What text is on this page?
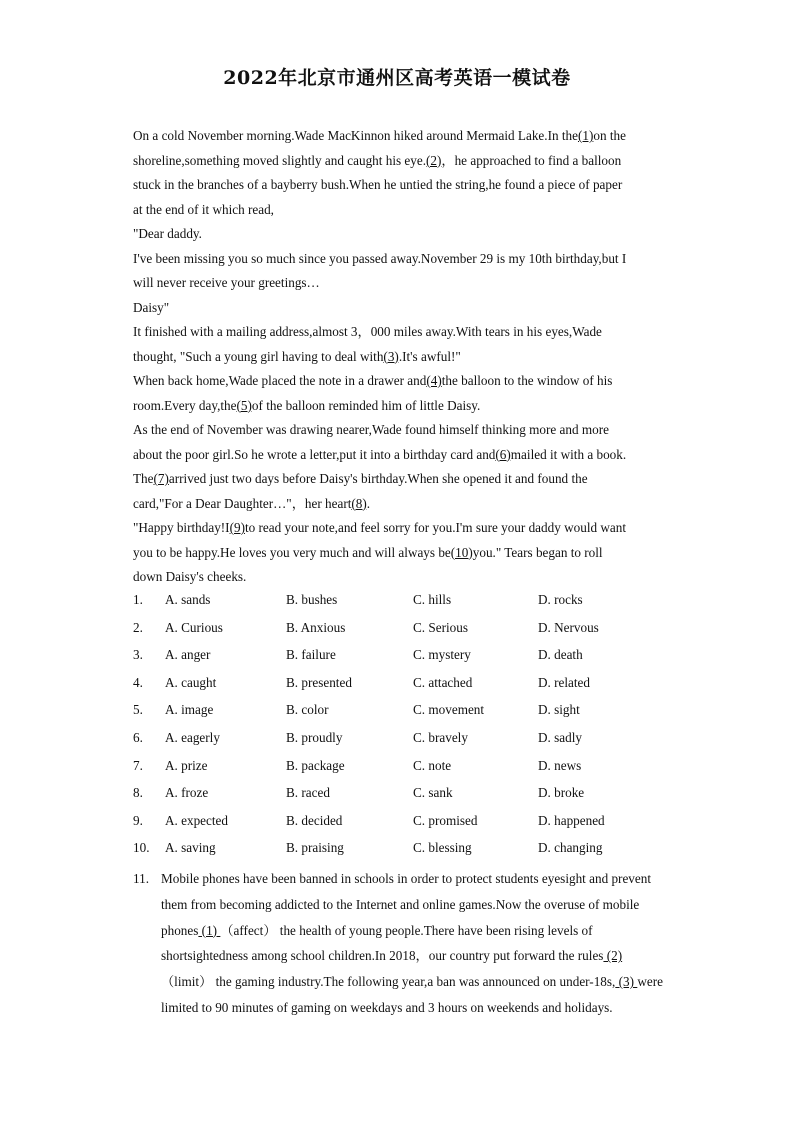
2022年北京市通州区高考英语一模试卷
On a cold November morning.Wade MacKinnon hiked around Mermaid Lake.In the(1)on the
shoreline,something moved slightly and caught his eye.(2)，he approached to find a balloon
stuck in the branches of a bayberry bush.When he untied the string,he found a piece of paper
at the end of it which read,
"Dear daddy.
I've been missing you so much since you passed away.November 29 is my 10th birthday,but I
will never receive your greetings…
Daisy"
It finished with a mailing address,almost 3，000 miles away.With tears in his eyes,Wade
thought, "Such a young girl having to deal with(3).It's awful!"
When back home,Wade placed the note in a drawer and(4)the balloon to the window of his
room.Every day,the(5)of the balloon reminded him of little Daisy.
As the end of November was drawing nearer,Wade found himself thinking more and more
about the poor girl.So he wrote a letter,put it into a birthday card and(6)mailed it with a book.
The(7)arrived just two days before Daisy's birthday.When she opened it and found the
card,"For a Dear Daughter…"，her heart(8).
"Happy birthday!I(9)to read your note,and feel sorry for you.I'm sure your daddy would want
you to be happy.He loves you very much and will always be(10)you." Tears began to roll
down Daisy's cheeks.
1. A. sands	B. bushes	C. hills	D. rocks
2. A. Curious	B. Anxious	C. Serious	D. Nervous
3. A. anger	B. failure	C. mystery	D. death
4. A. caught	B. presented	C. attached	D. related
5. A. image	B. color	C. movement	D. sight
6. A. eagerly	B. proudly	C. bravely	D. sadly
7. A. prize	B. package	C. note	D. news
8. A. froze	B. raced	C. sank	D. broke
9. A. expected	B. decided	C. promised	D. happened
10. A. saving	B. praising	C. blessing	D. changing
11. Mobile phones have been banned in schools in order to protect students eyesight and prevent them from becoming addicted to the Internet and online games.Now the overuse of mobile phones (1) （affect） the health of young people.There have been rising levels of shortsightedness among school children.In 2018，our country put forward the rules (2) （limit） the gaming industry.The following year,a ban was announced on under-18s, (3) were limited to 90 minutes of gaming on weekdays and 3 hours on weekends and holidays.
